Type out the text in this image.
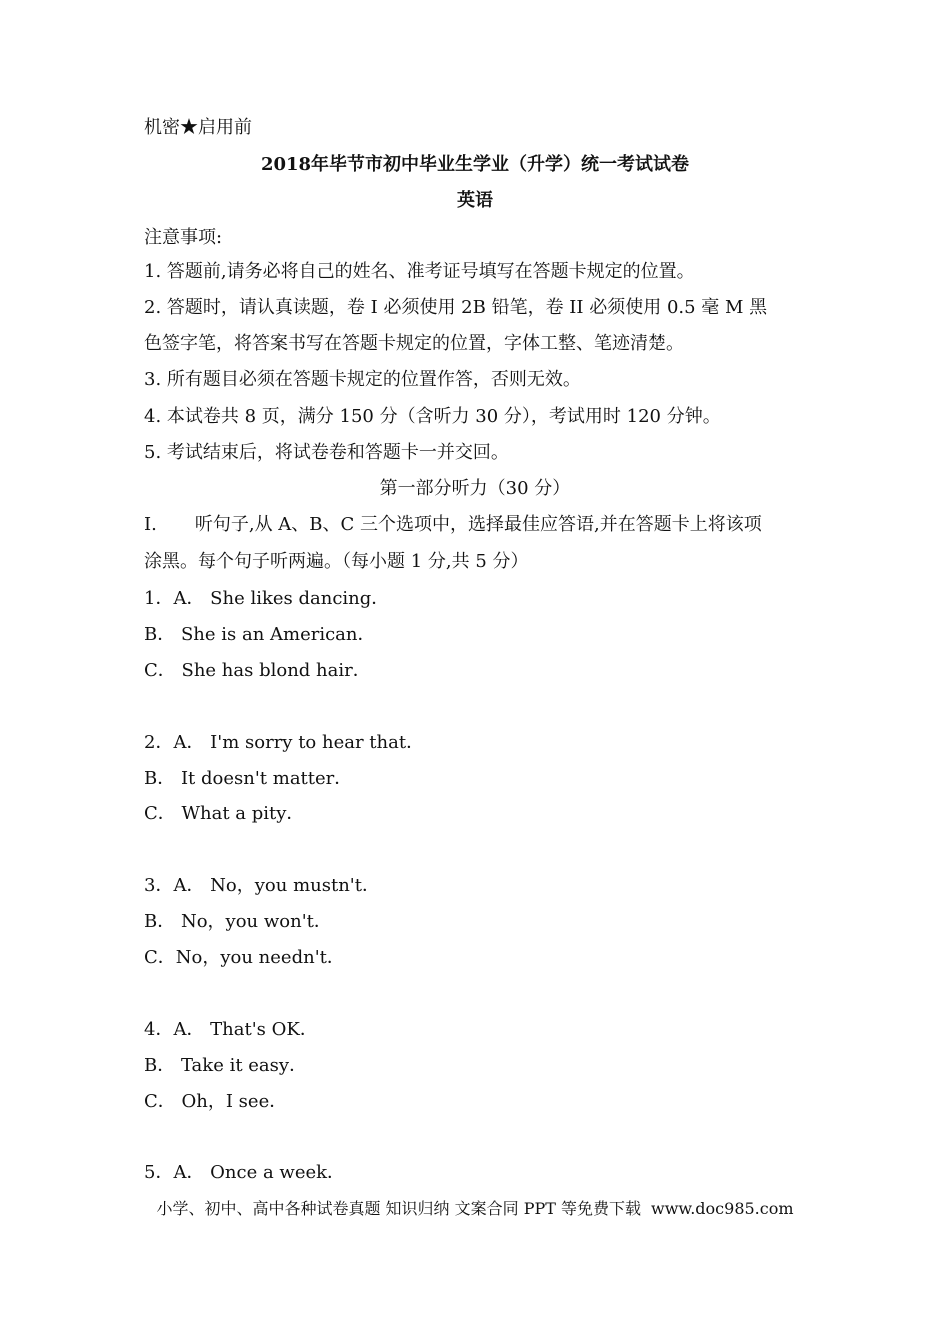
机密★启用前
2018年毕节市初中毕业生学业（升学）统一考试试卷
英语
注意事项:
1. 答题前,请务必将自己的姓名、准考证号填写在答题卡规定的位置。
2. 答题时，请认真读题，卷 I 必须使用 2B 铅笔，卷 II 必须使用 0.5 毫 M 黑
色签字笔，将答案书写在答题卡规定的位置，字体工整、笔迹清楚。
3. 所有题目必须在答题卡规定的位置作答，否则无效。
4. 本试卷共 8 页，满分 150 分（含听力 30 分），考试用时 120 分钟。
5. 考试结束后，将试卷卷和答题卡一并交回。
第一部分听力（30 分）
I. 听句子,从 A、B、C 三个选项中，选择最佳应答语,并在答题卡上将该项
涂黑。每个句子听两遍。（每小题 1 分,共 5 分）
1．A． She likes dancing．
B． She is an American．
C． She has blond hair．
2．A． I'm sorry to hear that．
B． It doesn't matter．
C． What a pity．
3．A． No，you mustn't．
B． No，you won't．
C．No，you needn't．
4．A． That's OK．
B． Take it easy．
C． Oh，I see．
5．A． Once a week．
小学、初中、高中各种试卷真题 知识归纳 文案合同 PPT 等免费下载 www.doc985.com
